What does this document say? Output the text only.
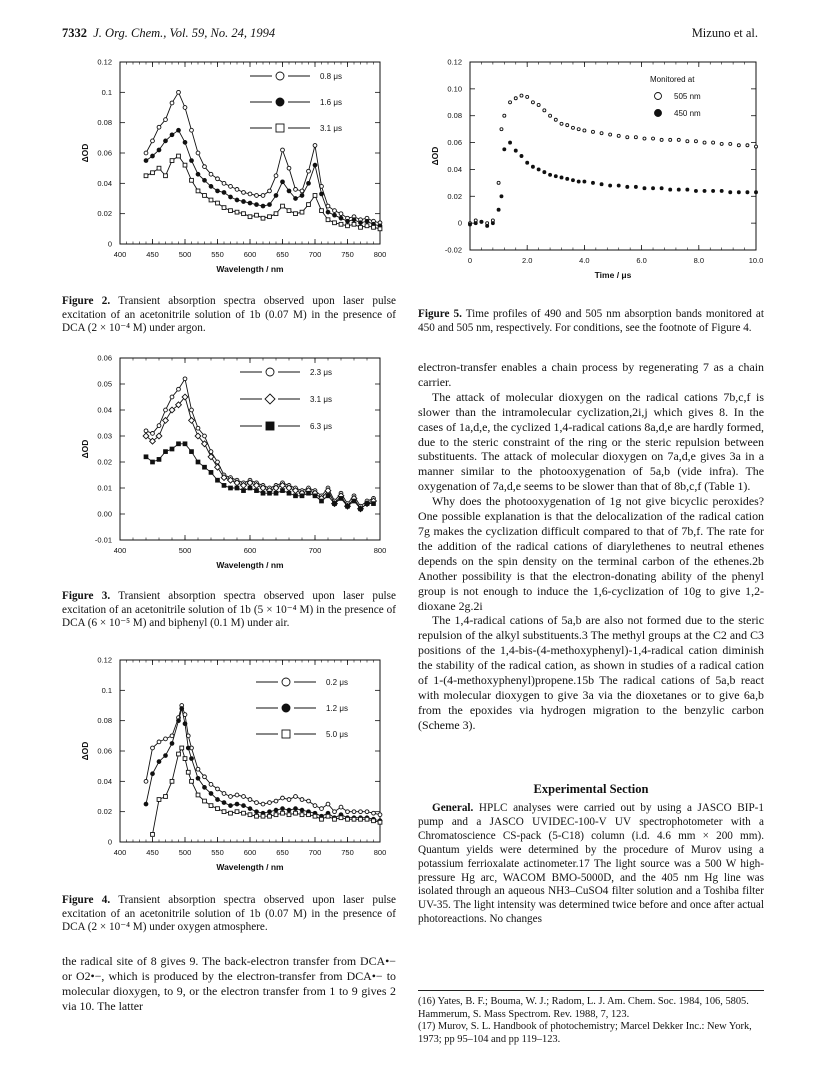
7332 J. Org. Chem., Vol. 59, No. 24, 1994	Mizuno et al.
400	450	500	550	600	650	700	750	800
0
0.02
0.04
0.06
0.08
0.1
0.12
Wavelength / nm
ΔOD
0.8 μs
1.6 μs
3.1 μs
400	500	600	700	800
-0.01
0.00
0.01
0.02
0.03
0.04
0.05
0.06
Wavelength / nm
ΔOD
2.3 μs
3.1 μs
6.3 μs
400	450	500	550	600	650	700	750	800
0
0.02
0.04
0.06
0.08
0.1
0.12
Wavelength / nm
ΔOD
0.2 μs
1.2 μs
5.0 μs
0	2.0	4.0	6.0	8.0	10.0
-0.02
0
0.02
0.04
0.06
0.08
0.10
0.12
Time / μs
ΔOD
Monitored at
505 nm
450 nm
Figure 2. Transient absorption spectra observed upon laser pulse excitation of an acetonitrile solution of 1b (0.07 M) in the presence of DCA (2 × 10⁻⁴ M) under argon.
Figure 3. Transient absorption spectra observed upon laser pulse excitation of an acetonitrile solution of 1b (5 × 10⁻⁴ M) in the presence of DCA (6 × 10⁻⁵ M) and biphenyl (0.1 M) under air.
Figure 4. Transient absorption spectra observed upon laser pulse excitation of an acetonitrile solution of 1b (0.07 M) in the presence of DCA (2 × 10⁻⁴ M) under oxygen atmosphere.
Figure 5. Time profiles of 490 and 505 nm absorption bands monitored at 450 and 505 nm, respectively. For conditions, see the footnote of Figure 4.

the radical site of 8 gives 9. The back-electron transfer from DCA•− or O2•−, which is produced by the electron-transfer from DCA•− to molecular dioxygen, to 9, or the electron transfer from 1 to 9 gives 2 via 10. The latter

electron-transfer enables a chain process by regenerating 7 as a chain carrier.

The attack of molecular dioxygen on the radical cations 7b,c,f is slower than the intramolecular cyclization,2i,j which gives 8. In the cases of 1a,d,e, the cyclized 1,4-radical cations 8a,d,e are hardly formed, due to the steric constraint of the ring or the steric repulsion between substituents. The attack of molecular dioxygen on 7a,d,e gives 3a in a manner similar to the photooxygenation of 5a,b (vide infra). The oxygenation of 7a,d,e seems to be slower than that of 8b,c,f (Table 1).

Why does the photooxygenation of 1g not give bicyclic peroxides? One possible explanation is that the delocalization of the radical cation 7g makes the cyclization difficult compared to that of 7b,f. The rate for the addition of the radical cations of diarylethenes to neutral ethenes depends on the spin density on the terminal carbon of the ethenes.2b Another possibility is that the electron-donating ability of the phenyl group is not enough to induce the 1,6-cyclization of 10g to give 1,2-dioxane 2g.2i

The 1,4-radical cations of 5a,b are also not formed due to the steric repulsion of the alkyl substituents.3 The methyl groups at the C2 and C3 positions of the 1,4-bis-(4-methoxyphenyl)-1,4-radical cation diminish the stability of the radical cation, as shown in studies of a radical cation of 1-(4-methoxyphenyl)propene.15b The radical cations of 5a,b react with molecular dioxygen to give 3a via the dioxetanes or to give 6a,b from the epoxides via hydrogen migration to the benzylic carbon (Scheme 3).

Experimental Section

General. HPLC analyses were carried out by using a JASCO BIP-1 pump and a JASCO UVIDEC-100-V UV spectrophotometer with a Chromatoscience CS-pack (5-C18) column (i.d. 4.6 mm × 200 mm). Quantum yields were determined by the procedure of Murov using a potassium ferrioxalate actinometer.17 The light source was a 500 W high-pressure Hg arc, WACOM BMO-5000D, and the 405 nm Hg line was isolated through an aqueous NH3–CuSO4 filter solution and a Toshiba filter UV-35. The light intensity was determined twice before and once after actual photoreactions. No changes

(16) Yates, B. F.; Bouma, W. J.; Radom, L. J. Am. Chem. Soc. 1984, 106, 5805. Hammerum, S. Mass Spectrom. Rev. 1988, 7, 123.
(17) Murov, S. L. Handbook of photochemistry; Marcel Dekker Inc.: New York, 1973; pp 95–104 and pp 119–123.
